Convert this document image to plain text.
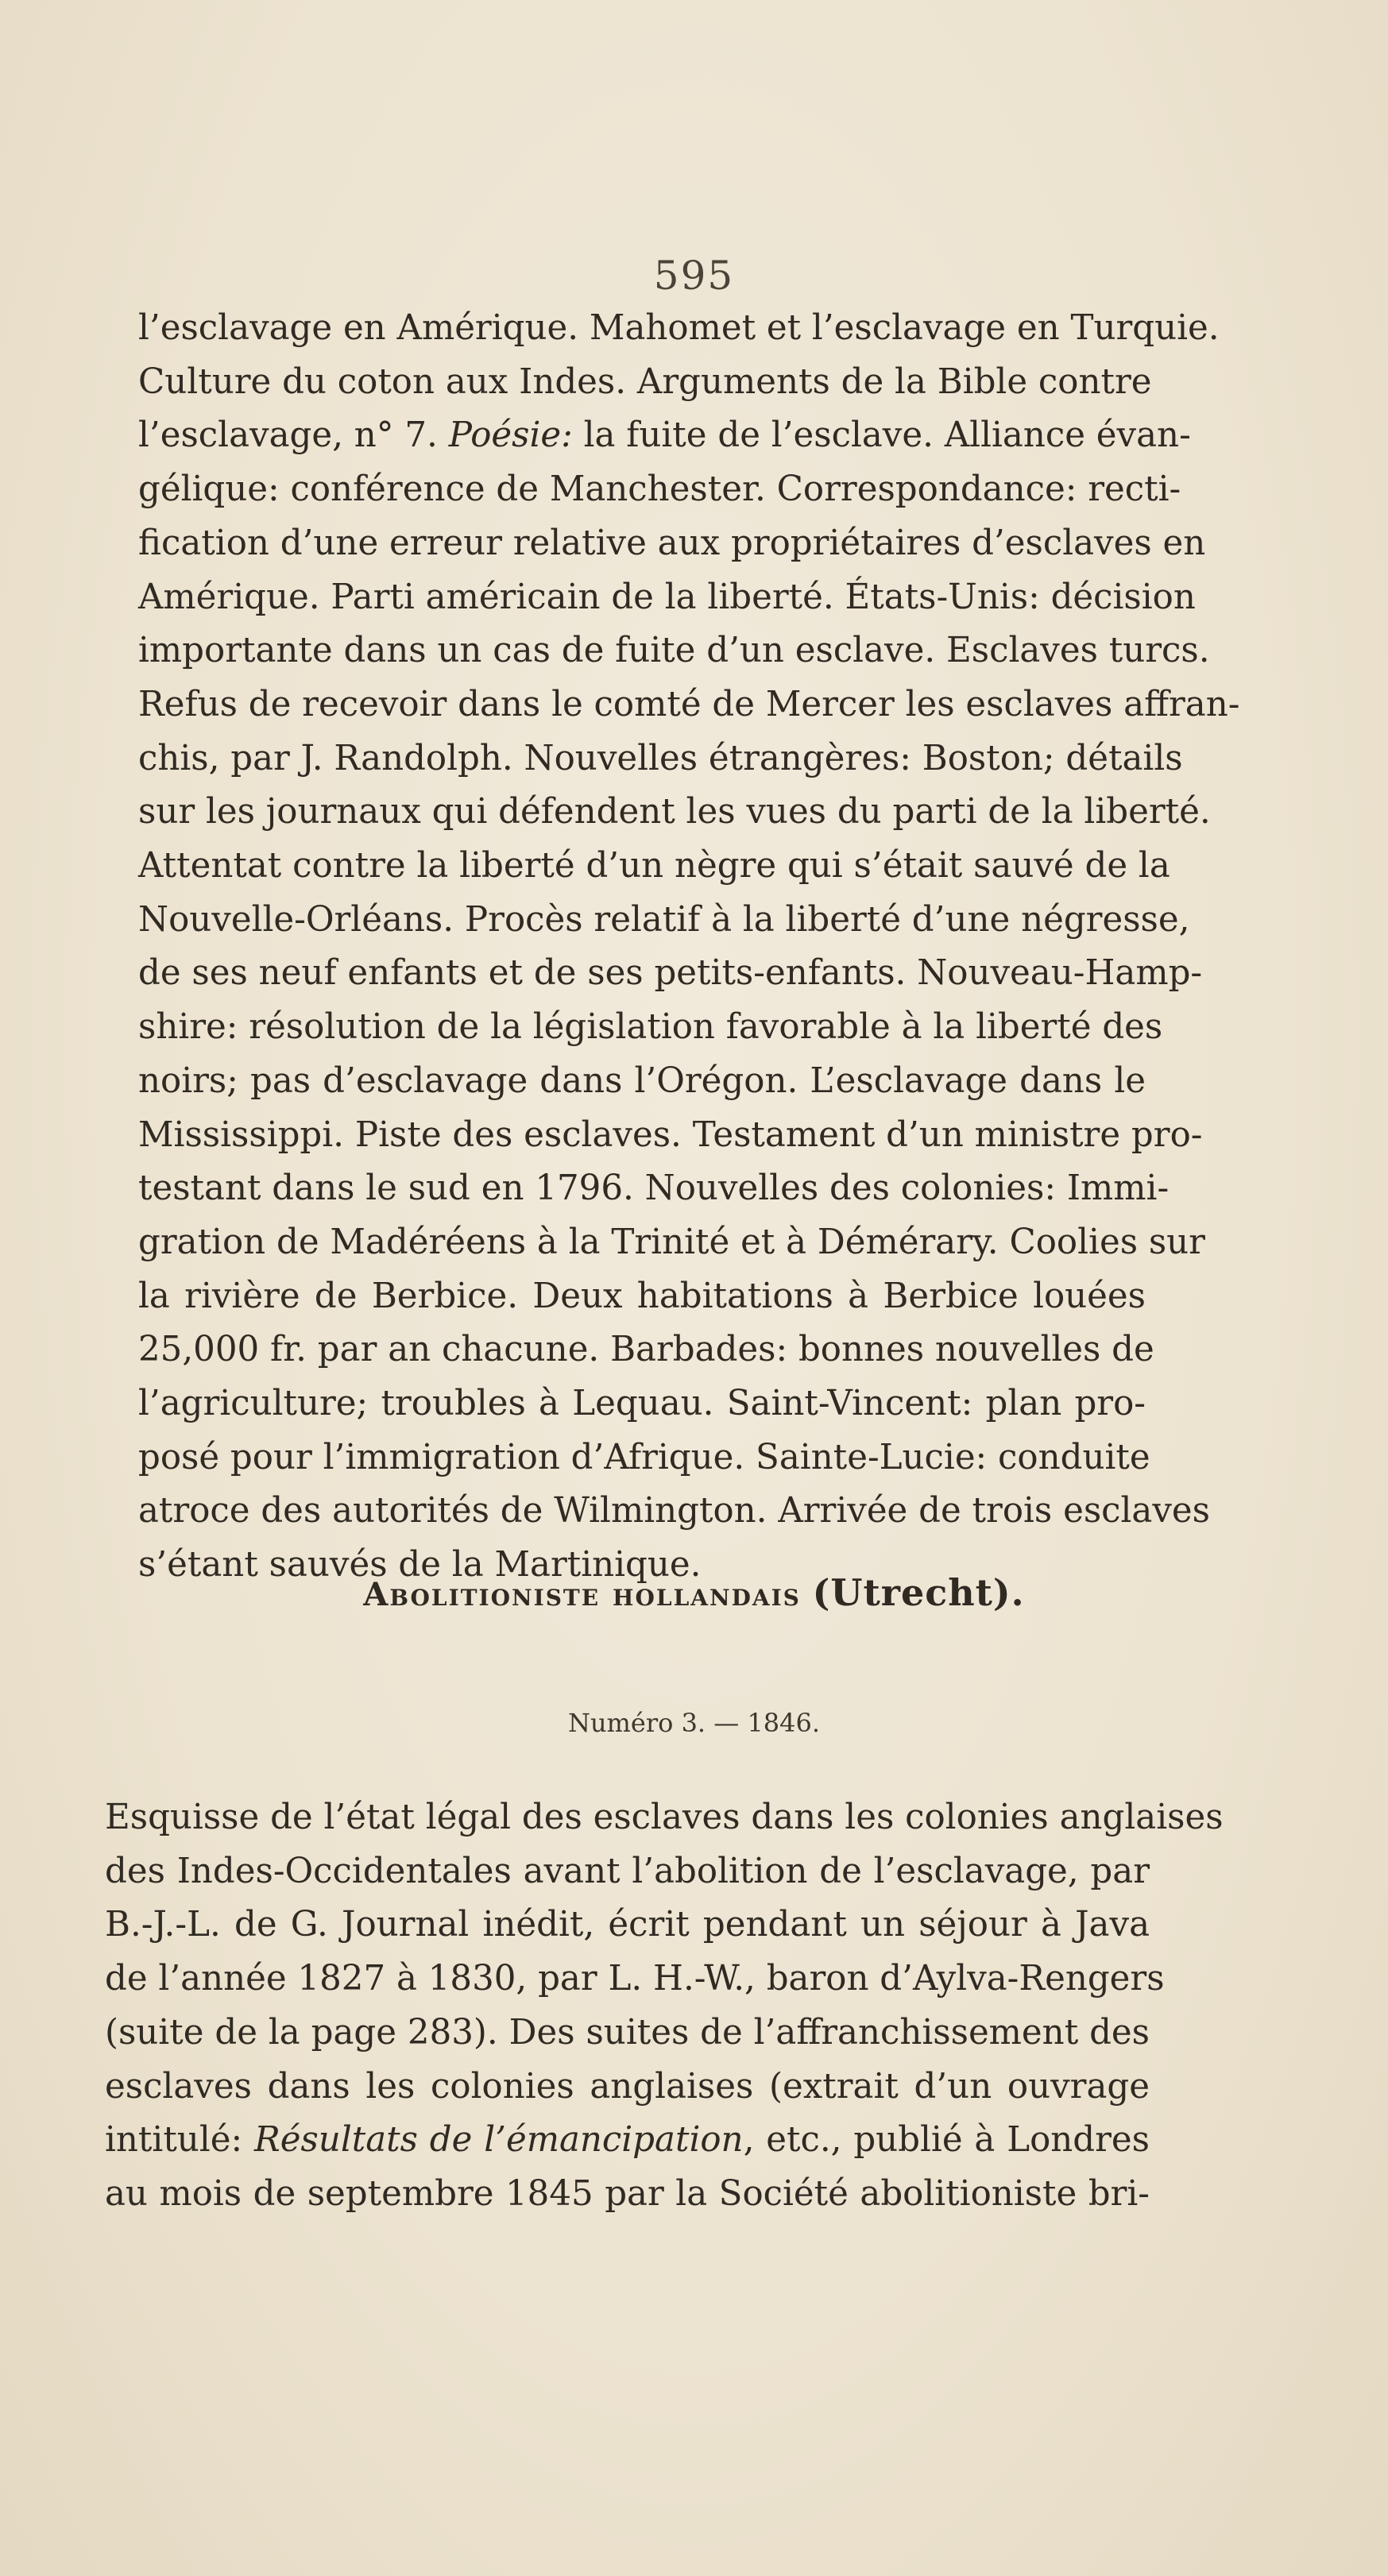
595
l’esclavage en Amérique. Mahomet et l’esclavage en Turquie.
Culture du coton aux Indes. Arguments de la Bible contre
l’esclavage, n° 7. Poésie: la fuite de l’esclave. Alliance évan-
gélique: conférence de Manchester. Correspondance: recti-
fication d’une erreur relative aux propriétaires d’esclaves en
Amérique. Parti américain de la liberté. États-Unis: décision
importante dans un cas de fuite d’un esclave. Esclaves turcs.
Refus de recevoir dans le comté de Mercer les esclaves affran-
chis, par J. Randolph. Nouvelles étrangères: Boston; détails
sur les journaux qui défendent les vues du parti de la liberté.
Attentat contre la liberté d’un nègre qui s’était sauvé de la
Nouvelle-Orléans. Procès relatif à la liberté d’une négresse,
de ses neuf enfants et de ses petits-enfants. Nouveau-Hamp-
shire: résolution de la législation favorable à la liberté des
noirs; pas d’esclavage dans l’Orégon. L’esclavage dans le
Mississippi. Piste des esclaves. Testament d’un ministre pro-
testant dans le sud en 1796. Nouvelles des colonies: Immi-
gration de Madéréens à la Trinité et à Démérary. Coolies sur
la rivière de Berbice. Deux habitations à Berbice louées
25,000 fr. par an chacune. Barbades: bonnes nouvelles de
l’agriculture; troubles à Lequau. Saint-Vincent: plan pro-
posé pour l’immigration d’Afrique. Sainte-Lucie: conduite
atroce des autorités de Wilmington. Arrivée de trois esclaves
s’étant sauvés de la Martinique.
Abolitioniste hollandais (Utrecht).
Numéro 3. — 1846.
Esquisse de l’état légal des esclaves dans les colonies anglaises
des Indes-Occidentales avant l’abolition de l’esclavage, par
B.-J.-L. de G. Journal inédit, écrit pendant un séjour à Java
de l’année 1827 à 1830, par L. H.-W., baron d’Aylva-Rengers
(suite de la page 283). Des suites de l’affranchissement des
esclaves dans les colonies anglaises (extrait d’un ouvrage
intitulé: Résultats de l’émancipation, etc., publié à Londres
au mois de septembre 1845 par la Société abolitioniste bri-
